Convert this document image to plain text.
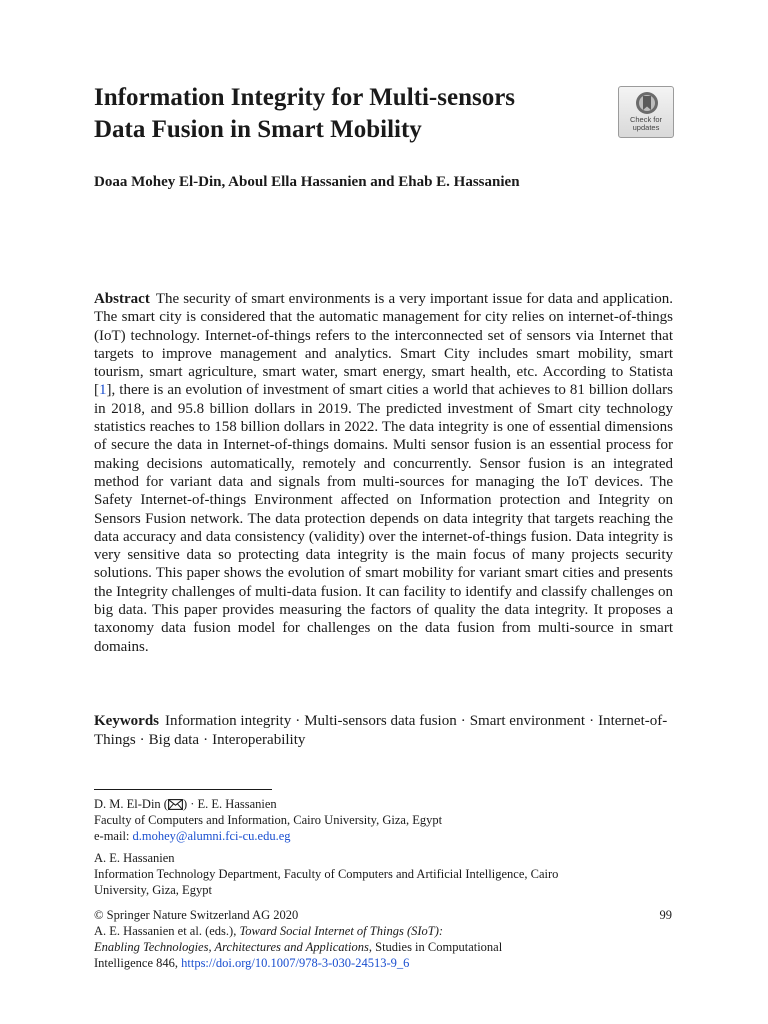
Information Integrity for Multi-sensors
Data Fusion in Smart Mobility	Check for
updates

Doaa Mohey El-Din, Aboul Ella Hassanien and Ehab E. Hassanien

Abstract The security of smart environments is a very important issue for data and application. The smart city is considered that the automatic management for city relies on internet-of-things (IoT) technology. Internet-of-things refers to the interconnected set of sensors via Internet that targets to improve management and analytics. Smart City includes smart mobility, smart tourism, smart agriculture, smart water, smart energy, smart health, etc. According to Statista [1], there is an evolution of investment of smart cities a world that achieves to 81 billion dollars in 2018, and 95.8 billion dollars in 2019. The predicted investment of Smart city technology statistics reaches to 158 billion dollars in 2022. The data integrity is one of essential dimensions of secure the data in Internet-of-things domains. Multi sensor fusion is an essential process for making decisions automatically, remotely and concurrently. Sensor fusion is an integrated method for variant data and signals from multi-sources for managing the IoT devices. The Safety Internet-of-things Environment affected on Information protection and Integrity on Sensors Fusion network. The data protection depends on data integrity that targets reaching the data accuracy and data consistency (validity) over the internet-of-things fusion. Data integrity is very sensitive data so protecting data integrity is the main focus of many projects security solutions. This paper shows the evolution of smart mobility for variant smart cities and presents the Integrity challenges of multi-data fusion. It can facility to identify and classify challenges on big data. This paper provides measuring the factors of quality the data integrity. It proposes a taxonomy data fusion model for challenges on the data fusion from multi-source in smart domains.

Keywords Information integrity · Multi-sensors data fusion · Smart environment · Internet-of-Things · Big data · Interoperability

D. M. El-Din ( ) · E. E. Hassanien
Faculty of Computers and Information, Cairo University, Giza, Egypt
e-mail: d.mohey@alumni.fci-cu.edu.eg

A. E. Hassanien
Information Technology Department, Faculty of Computers and Artificial Intelligence, Cairo
University, Giza, Egypt

© Springer Nature Switzerland AG 2020
A. E. Hassanien et al. (eds.), Toward Social Internet of Things (SIoT):
Enabling Technologies, Architectures and Applications, Studies in Computational
Intelligence 846, https://doi.org/10.1007/978-3-030-24513-9_6

99
